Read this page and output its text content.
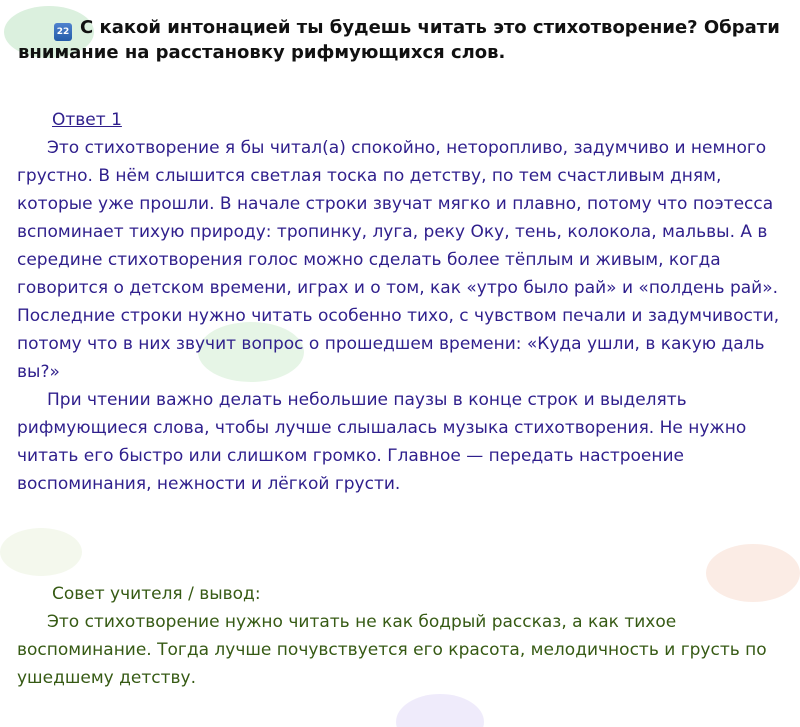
22 С какой интонацией ты будешь читать это стихотворение? Обрати внимание на расстановку рифмующихся слов.
Ответ 1

Это стихотворение я бы читал(а) спокойно, неторопливо, задумчиво и немного грустно. В нём слышится светлая тоска по детству, по тем счастливым дням, которые уже прошли. В начале строки звучат мягко и плавно, потому что поэтесса вспоминает тихую природу: тропинку, луга, реку Оку, тень, колокола, мальвы. А в середине стихотворения голос можно сделать более тёплым и живым, когда говорится о детском времени, играх и о том, как «утро было рай» и «полдень рай». Последние строки нужно читать особенно тихо, с чувством печали и задумчивости, потому что в них звучит вопрос о прошедшем времени: «Куда ушли, в какую даль вы?»

При чтении важно делать небольшие паузы в конце строк и выделять рифмующиеся слова, чтобы лучше слышалась музыка стихотворения. Не нужно читать его быстро или слишком громко. Главное — передать настроение воспоминания, нежности и лёгкой грусти.

Совет учителя / вывод:

Это стихотворение нужно читать не как бодрый рассказ, а как тихое воспоминание. Тогда лучше почувствуется его красота, мелодичность и грусть по ушедшему детству.
